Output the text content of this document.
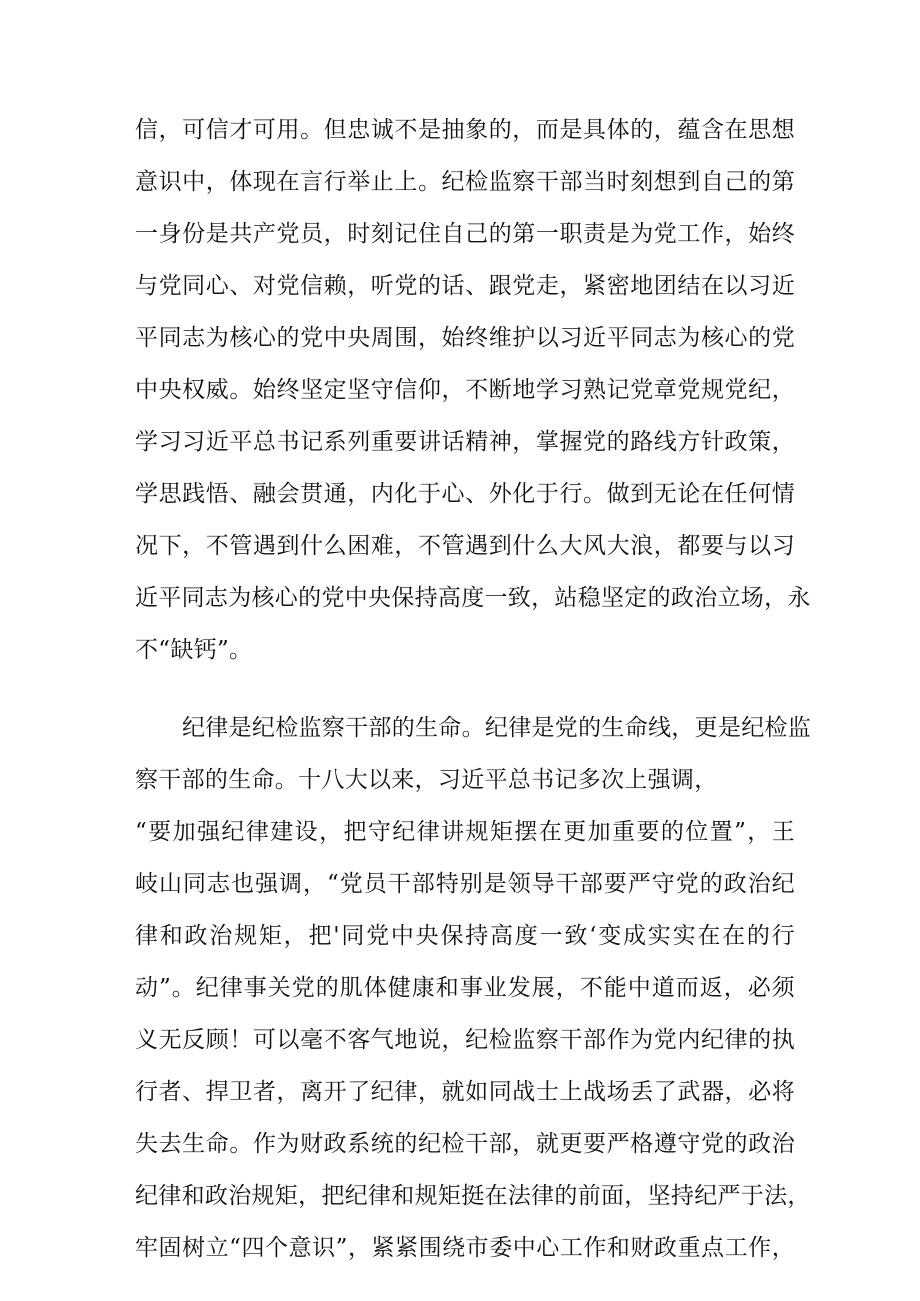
信，可信才可用。但忠诚不是抽象的，而是具体的，蕴含在思想
意识中，体现在言行举止上。纪检监察干部当时刻想到自己的第
一身份是共产党员，时刻记住自己的第一职责是为党工作，始终
与党同心、对党信赖，听党的话、跟党走，紧密地团结在以习近
平同志为核心的党中央周围，始终维护以习近平同志为核心的党
中央权威。始终坚定坚守信仰，不断地学习熟记党章党规党纪，
学习习近平总书记系列重要讲话精神，掌握党的路线方针政策，
学思践悟、融会贯通，内化于心、外化于行。做到无论在任何情
况下，不管遇到什么困难，不管遇到什么大风大浪，都要与以习
近平同志为核心的党中央保持高度一致，站稳坚定的政治立场，永
不“缺钙”。
纪律是纪检监察干部的生命。纪律是党的生命线，更是纪检监
察干部的生命。十八大以来，习近平总书记多次上强调，
“要加强纪律建设，把守纪律讲规矩摆在更加重要的位置”，王
岐山同志也强调，“党员干部特别是领导干部要严守党的政治纪
律和政治规矩，把'同党中央保持高度一致‘变成实实在在的行
动”。纪律事关党的肌体健康和事业发展，不能中道而返，必须
义无反顾！可以毫不客气地说，纪检监察干部作为党内纪律的执
行者、捍卫者，离开了纪律，就如同战士上战场丢了武器，必将
失去生命。作为财政系统的纪检干部，就更要严格遵守党的政治
纪律和政治规矩，把纪律和规矩挺在法律的前面，坚持纪严于法，
牢固树立“四个意识”，紧紧围绕市委中心工作和财政重点工作，
